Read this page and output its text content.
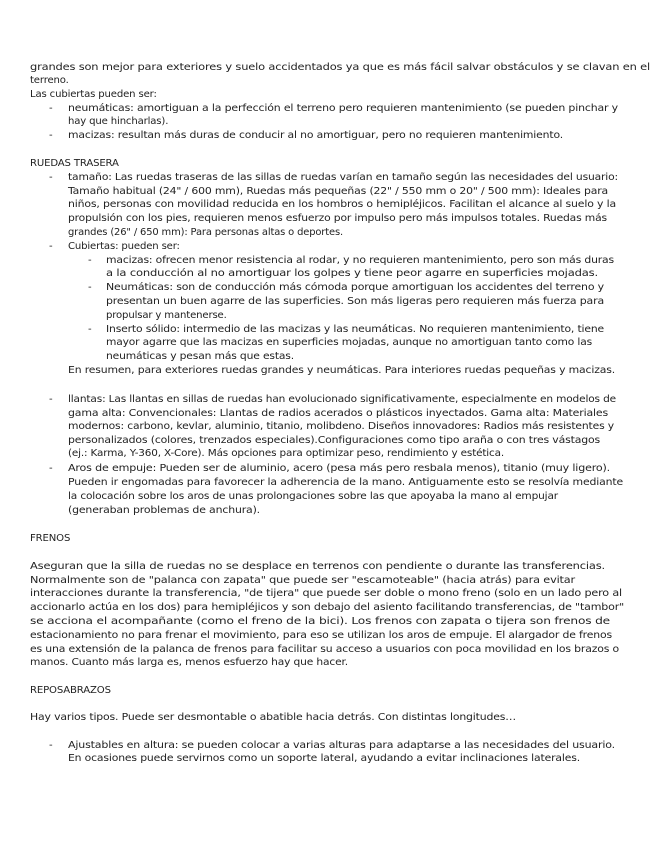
grandes son mejor para exteriores y suelo accidentados ya que es más fácil salvar obstáculos y se clavan en el
terreno.
Las cubiertas pueden ser:
- neumáticas: amortiguan a la perfección el terreno pero requieren mantenimiento (se pueden pinchar y
hay que hincharlas).
- macizas: resultan más duras de conducir al no amortiguar, pero no requieren mantenimiento.
RUEDAS TRASERA
- tamaño: Las ruedas traseras de las sillas de ruedas varían en tamaño según las necesidades del usuario:
Tamaño habitual (24" / 600 mm), Ruedas más pequeñas (22" / 550 mm o 20" / 500 mm): Ideales para
niños, personas con movilidad reducida en los hombros o hemipléjicos. Facilitan el alcance al suelo y la
propulsión con los pies, requieren menos esfuerzo por impulso pero más impulsos totales. Ruedas más
grandes (26" / 650 mm): Para personas altas o deportes.
- Cubiertas: pueden ser:
- macizas: ofrecen menor resistencia al rodar, y no requieren mantenimiento, pero son más duras
a la conducción al no amortiguar los golpes y tiene peor agarre en superficies mojadas.
- Neumáticas: son de conducción más cómoda porque amortiguan los accidentes del terreno y
presentan un buen agarre de las superficies. Son más ligeras pero requieren más fuerza para
propulsar y mantenerse.
- Inserto sólido: intermedio de las macizas y las neumáticas. No requieren mantenimiento, tiene
mayor agarre que las macizas en superficies mojadas, aunque no amortiguan tanto como las
neumáticas y pesan más que estas.
En resumen, para exteriores ruedas grandes y neumáticas. Para interiores ruedas pequeñas y macizas.
- llantas: Las llantas en sillas de ruedas han evolucionado significativamente, especialmente en modelos de
gama alta: Convencionales: Llantas de radios acerados o plásticos inyectados. Gama alta: Materiales
modernos: carbono, kevlar, aluminio, titanio, molibdeno. Diseños innovadores: Radios más resistentes y
personalizados (colores, trenzados especiales).Configuraciones como tipo araña o con tres vástagos
(ej.: Karma, Y-360, X-Core). Más opciones para optimizar peso, rendimiento y estética.
- Aros de empuje: Pueden ser de aluminio, acero (pesa más pero resbala menos), titanio (muy ligero).
Pueden ir engomadas para favorecer la adherencia de la mano. Antiguamente esto se resolvía mediante
la colocación sobre los aros de unas prolongaciones sobre las que apoyaba la mano al empujar
(generaban problemas de anchura).
FRENOS
Aseguran que la silla de ruedas no se desplace en terrenos con pendiente o durante las transferencias.
Normalmente son de "palanca con zapata" que puede ser "escamoteable" (hacia atrás) para evitar
interacciones durante la transferencia, "de tijera" que puede ser doble o mono freno (solo en un lado pero al
accionarlo actúa en los dos) para hemipléjicos y son debajo del asiento facilitando transferencias, de "tambor"
se acciona el acompañante (como el freno de la bici). Los frenos con zapata o tijera son frenos de
estacionamiento no para frenar el movimiento, para eso se utilizan los aros de empuje. El alargador de frenos
es una extensión de la palanca de frenos para facilitar su acceso a usuarios con poca movilidad en los brazos o
manos. Cuanto más larga es, menos esfuerzo hay que hacer.
REPOSABRAZOS
Hay varios tipos. Puede ser desmontable o abatible hacia detrás. Con distintas longitudes…
- Ajustables en altura: se pueden colocar a varias alturas para adaptarse a las necesidades del usuario.
En ocasiones puede servirnos como un soporte lateral, ayudando a evitar inclinaciones laterales.
